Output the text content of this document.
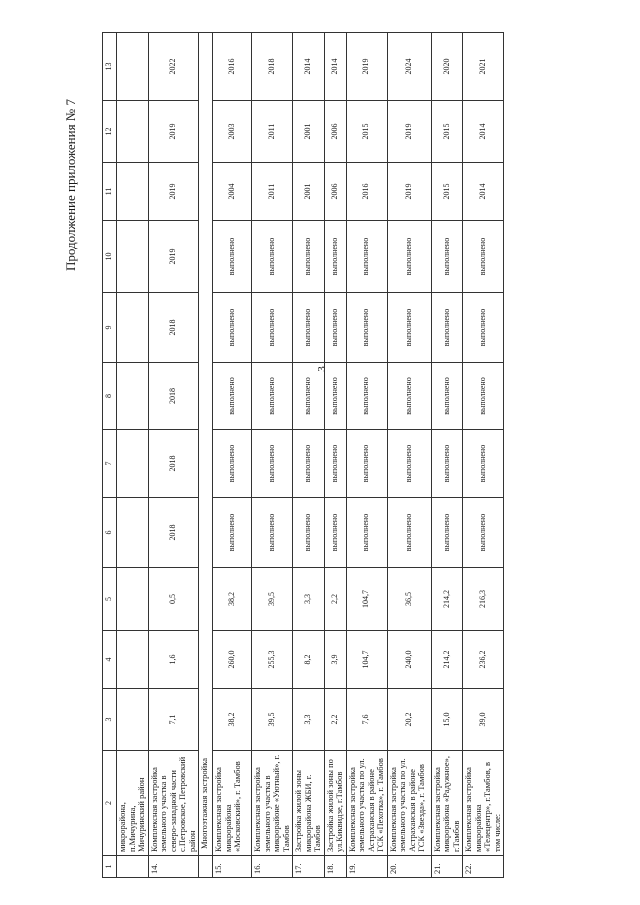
3
Продолжение приложения № 7
1	2	3	4	5	6	7	8	9	10	11	12	13
	микрорайона, п.Мичурина, Мичуринский район											
14.	Комплексная застройка земельного участка в северо-западной части с.Петровское, Петровский район	7,1	1,6	0,5	2018	2018	2018	2018	2019	2019	2019	2022
	Многоэтажная застройка											
15.	Комплексная застройка микрорайона «Московский», г. Тамбов	38,2	260,0	38,2	выполнено	выполнено	выполнено	выполнено	выполнено	2004	2003	2016
16.	Комплексная застройка земельного участка в микрорайоне «Уютный», г. Тамбов	39,5	255,3	39,5	выполнено	выполнено	выполнено	выполнено	выполнено	2011	2011	2018
17.	Застройка жилой зоны микрорайона ЖБИ, г. Тамбов	3,3	8,2	3,3	выполнено	выполнено	выполнено	выполнено	выполнено	2001	2001	2014
18.	Застройка жилой зоны по ул.Киквидзе, г.Тамбов	2,2	3,9	2,2	выполнено	выполнено	выполнено	выполнено	выполнено	2006	2006	2014
19.	Комплексная застройка земельного участка по ул. Астраханская в районе ГСК «Пехотка», г. Тамбов	7,6	104,7	104,7	выполнено	выполнено	выполнено	выполнено	выполнено	2016	2015	2019
20.	Комплексная застройка земельного участка по ул. Астраханская в районе ГСК «Звезда», г. Тамбов	20,2	240,0	36,5	выполнено	выполнено	выполнено	выполнено	выполнено	2019	2019	2024
21.	Комплексная застройка микрорайона «Радужное», г.Тамбов	15,0	214,2	214,2	выполнено	выполнено	выполнено	выполнено	выполнено	2015	2015	2020
22.	Комплексная застройка микрорайона «Телецентр», г.Тамбов, в том числе:	39,0	236,2	216,3	выполнено	выполнено	выполнено	выполнено	выполнено	2014	2014	2021
